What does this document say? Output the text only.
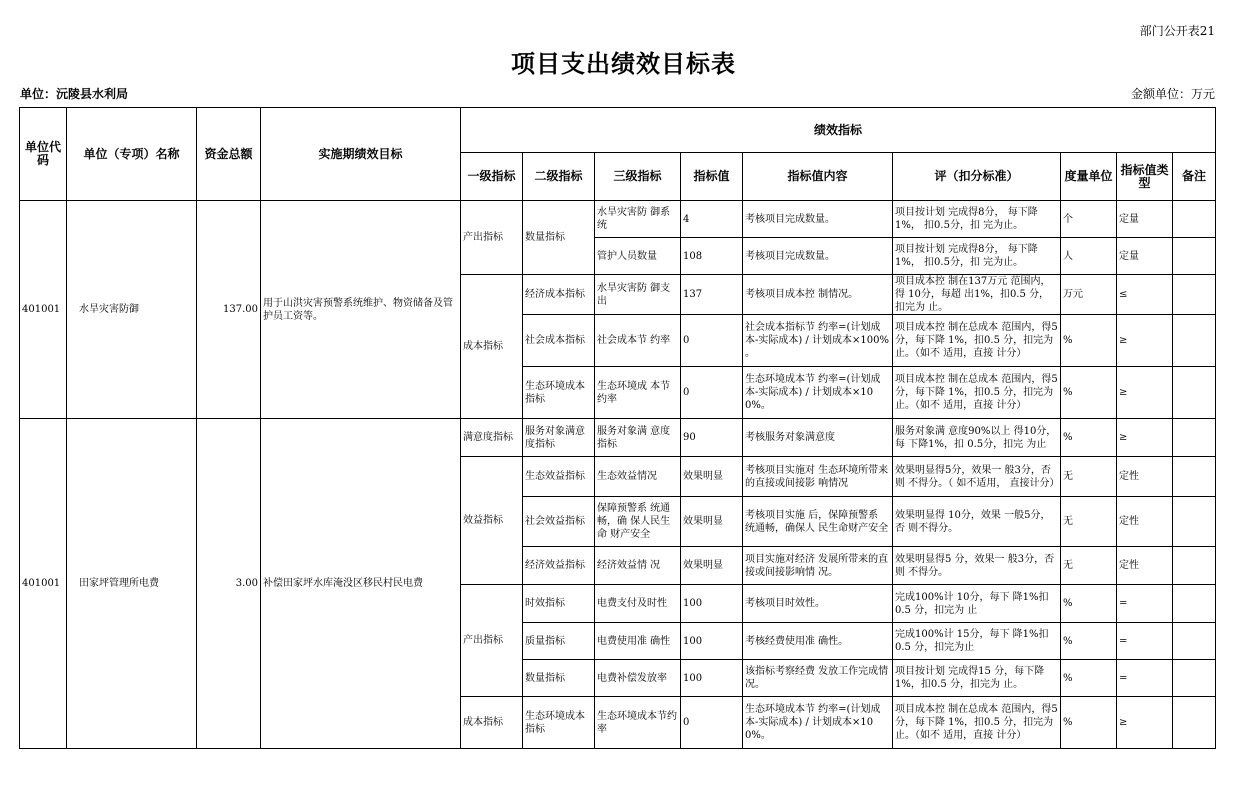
部门公开表21
项目支出绩效目标表
单位：沅陵县水利局	金额单位：万元
单位代码	单位（专项）名称	资金总额	实施期绩效目标	绩效指标								
				一级指标	二级指标	三级指标	指标值	指标值内容	评（扣分标准）	度量单位	指标值类型	备注
401001	水旱灾害防御	137.00	用于山洪灾害预警系统维护、物资储备及管护员工资等。	产出指标	数量指标	水旱灾害防 御系统	4	考核项目完成数量。	项目按计划 完成得8分， 每下降1%， 扣0.5分，扣 完为止。	个	定量	
						管护人员数量	108	考核项目完成数量。	项目按计划 完成得8分， 每下降1%， 扣0.5分，扣 完为止。	人	定量	
				成本指标	经济成本指标	水旱灾害防 御支出	137	考核项目成本控 制情况。	项目成本控 制在137万元 范围内，得 10分，每超 出1%，扣0.5 分，扣完为 止。	万元	≤	
					社会成本指标	社会成本节 约率	0	社会成本指标节 约率=(计划成 本-实际成本) / 计划成本×100% 。	项目成本控 制在总成本 范围内，得5 分，每下降 1%，扣0.5 分，扣完为 止。（如不 适用，直接 计分）	%	≥	
					生态环境成本指标	生态环境成 本节约率	0	生态环境成本节 约率=(计划成 本-实际成本) / 计划成本×10 0%。	项目成本控 制在总成本 范围内，得5 分，每下降 1%，扣0.5 分，扣完为 止。（如不 适用，直接 计分）	%	≥	
401001	田家坪管理所电费	3.00	补偿田家坪水库淹没区移民村民电费	满意度指标	服务对象满意度指标	服务对象满 意度指标	90	考核服务对象满意度	服务对象满 意度90%以上 得10分，每 下降1%，扣 0.5分，扣完 为止	%	≥	
				效益指标	生态效益指标	生态效益情况	效果明显	考核项目实施对 生态环境所带来 的直接或间接影 响情况	效果明显得5分，效果一 般3分，否则 不得分。（ 如不适用， 直接计分）	无	定性	
					社会效益指标	保障预警系 统通畅，确 保人民生命 财产安全	效果明显	考核项目实施 后，保障预警系 统通畅，确保人 民生命财产安全	效果明显得 10分，效果 一般5分，否 则不得分。	无	定性	
					经济效益指标	经济效益情 况	效果明显	项目实施对经济 发展所带来的直 接或间接影响情 况。	效果明显得5 分，效果一 般3分，否则 不得分。	无	定性	
				产出指标	时效指标	电费支付及时性	100	考核项目时效性。	完成100%计 10分，每下 降1%扣0.5 分，扣完为 止	%	=	
					质量指标	电费使用准 确性	100	考核经费使用准 确性。	完成100%计 15分，每下 降1%扣0.5 分，扣完为止	%	=	
					数量指标	电费补偿发放率	100	该指标考察经费 发放工作完成情 况。	项目按计划 完成得15 分，每下降 1%，扣0.5 分，扣完为 止。	%	=	
				成本指标	生态环境成本指标	生态环境成本节约率	0	生态环境成本节 约率=(计划成 本-实际成本) / 计划成本×10 0%。	项目成本控 制在总成本 范围内，得5 分，每下降 1%，扣0.5 分，扣完为 止。（如不 适用，直接 计分）	%	≥	
